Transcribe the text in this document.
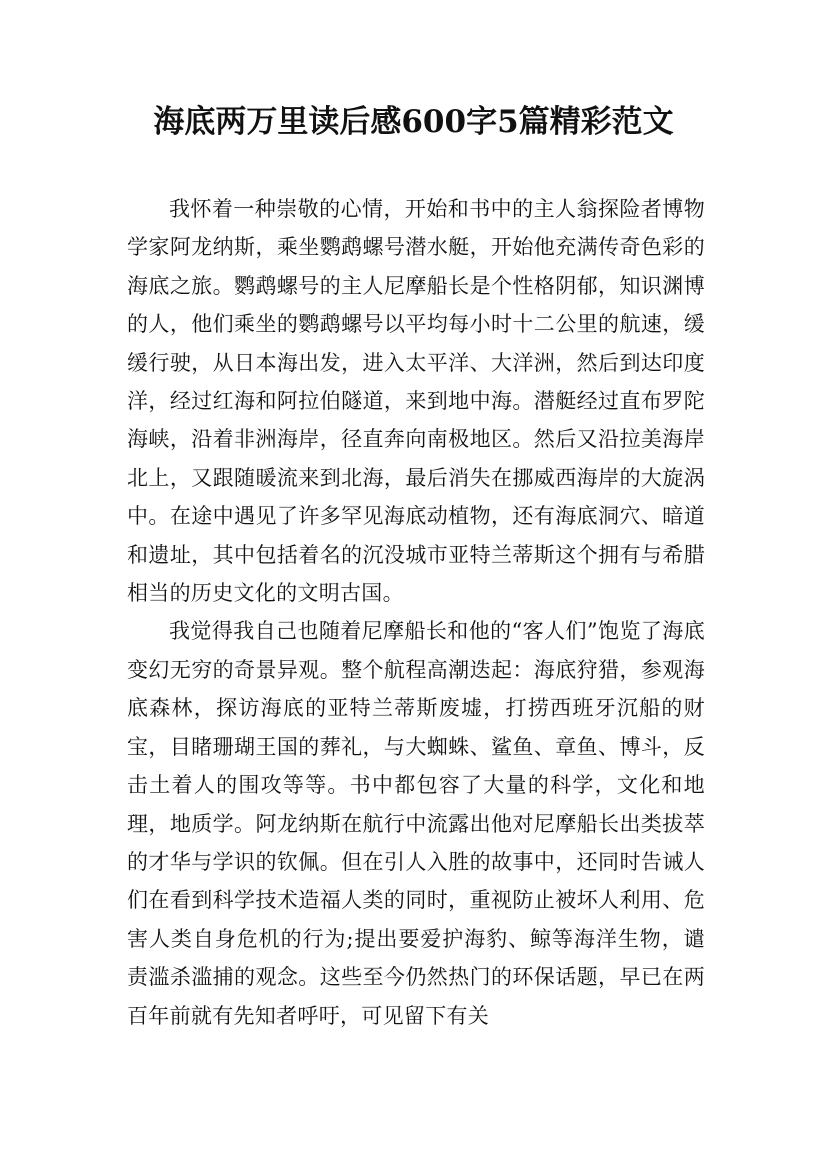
海底两万里读后感600字5篇精彩范文

我怀着一种崇敬的心情，开始和书中的主人翁探险者博物学家阿龙纳斯，乘坐鹦鹉螺号潜水艇，开始他充满传奇色彩的海底之旅。鹦鹉螺号的主人尼摩船长是个性格阴郁，知识渊博的人，他们乘坐的鹦鹉螺号以平均每小时十二公里的航速，缓缓行驶，从日本海出发，进入太平洋、大洋洲，然后到达印度洋，经过红海和阿拉伯隧道，来到地中海。潜艇经过直布罗陀海峡，沿着非洲海岸，径直奔向南极地区。然后又沿拉美海岸北上，又跟随暖流来到北海，最后消失在挪威西海岸的大旋涡中。在途中遇见了许多罕见海底动植物，还有海底洞穴、暗道和遗址，其中包括着名的沉没城市亚特兰蒂斯这个拥有与希腊相当的历史文化的文明古国。

我觉得我自己也随着尼摩船长和他的“客人们”饱览了海底变幻无穷的奇景异观。整个航程高潮迭起：海底狩猎，参观海底森林，探访海底的亚特兰蒂斯废墟，打捞西班牙沉船的财宝，目睹珊瑚王国的葬礼，与大蜘蛛、鲨鱼、章鱼、博斗，反击土着人的围攻等等。书中都包容了大量的科学，文化和地理，地质学。阿龙纳斯在航行中流露出他对尼摩船长出类拔萃的才华与学识的钦佩。但在引人入胜的故事中，还同时告诫人们在看到科学技术造福人类的同时，重视防止被坏人利用、危害人类自身危机的行为;提出要爱护海豹、鲸等海洋生物，谴责滥杀滥捕的观念。这些至今仍然热门的环保话题，早已在两百年前就有先知者呼吁，可见留下有关
